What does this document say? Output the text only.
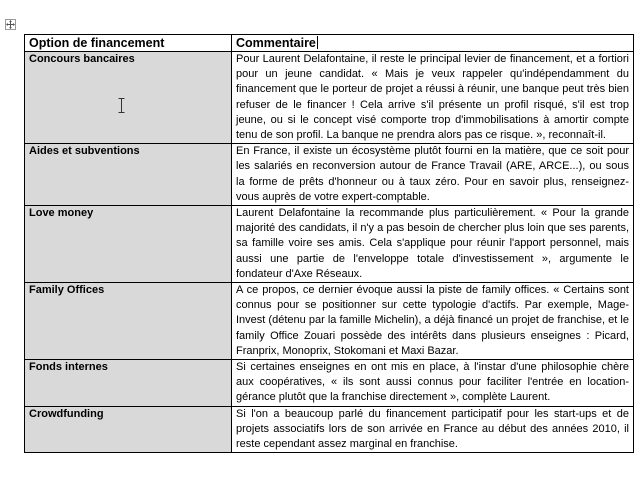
Option de financement	Commentaire
Concours bancaires	Pour Laurent Delafontaine, il reste le principal levier de financement, et a fortiori pour un jeune candidat. « Mais je veux rappeler qu'indépendamment du financement que le porteur de projet a réussi à réunir, une banque peut très bien refuser de le financer ! Cela arrive s'il présente un profil risqué, s'il est trop jeune, ou si le concept visé comporte trop d'immobilisations à amortir compte tenu de son profil. La banque ne prendra alors pas ce risque. », reconnaît-il.
Aides et subventions	En France, il existe un écosystème plutôt fourni en la matière, que ce soit pour les salariés en reconversion autour de France Travail (ARE, ARCE...), ou sous la forme de prêts d'honneur ou à taux zéro. Pour en savoir plus, renseignez-vous auprès de votre expert-comptable.
Love money	Laurent Delafontaine la recommande plus particulièrement. « Pour la grande majorité des candidats, il n'y a pas besoin de chercher plus loin que ses parents, sa famille voire ses amis. Cela s'applique pour réunir l'apport personnel, mais aussi une partie de l'enveloppe totale d'investissement », argumente le fondateur d'Axe Réseaux.
Family Offices	A ce propos, ce dernier évoque aussi la piste de family offices. « Certains sont connus pour se positionner sur cette typologie d'actifs. Par exemple, Mage-Invest (détenu par la famille Michelin), a déjà financé un projet de franchise, et le family Office Zouari possède des intérêts dans plusieurs enseignes : Picard, Franprix, Monoprix, Stokomani et Maxi Bazar.
Fonds internes	Si certaines enseignes en ont mis en place, à l'instar d'une philosophie chère aux coopératives, « ils sont aussi connus pour faciliter l'entrée en location-gérance plutôt que la franchise directement », complète Laurent.
Crowdfunding	Si l'on a beaucoup parlé du financement participatif pour les start-ups et de projets associatifs lors de son arrivée en France au début des années 2010, il reste cependant assez marginal en franchise.
